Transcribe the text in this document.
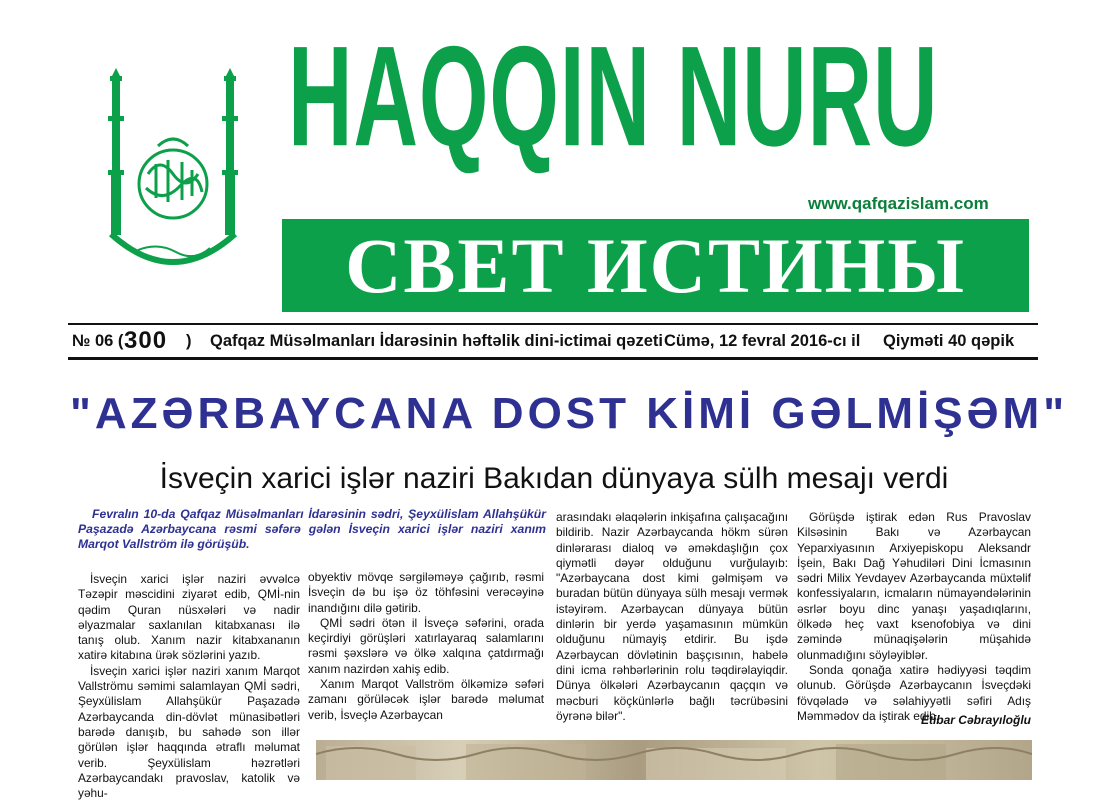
HAQQIN NURU
www.qafqazislam.com
СВЕТ ИСТИНЫ
№ 06 ( 300 ) Qafqaz Müsəlmanları İdarəsinin həftəlik dini-ictimai qəzeti Cümə, 12 fevral 2016-cı il Qiyməti 40 qəpik
"AZƏRBAYCANA DOST KİMİ GƏLMİŞƏM"
İsveçin xarici işlər naziri Bakıdan dünyaya sülh mesajı verdi
Fevralın 10-da Qafqaz Müsəlmanları İdarəsinin sədri, Şeyxülislam Allahşükür Paşazadə Azərbaycana rəsmi səfərə gələn İsveçin xarici işlər naziri xanım Marqot Vallström ilə görüşüb.

İsveçin xarici işlər naziri əvvəlcə Təzəpir məscidini ziyarət edib, QMİ-nin qədim Quran nüsxələri və nadir əlyazmalar saxlanılan kitabxanası ilə tanış olub. Xanım nazir kitabxananın xatirə kitabına ürək sözlərini yazıb.

İsveçin xarici işlər naziri xanım Marqot Vallströmu səmimi salamlayan QMİ sədri, Şeyxülislam Allahşükür Paşazadə Azərbaycanda din-dövlət münasibətləri barədə danışıb, bu sahədə son illər görülən işlər haqqında ətraflı məlumat verib. Şeyxülislam həzrətləri Azərbaycandakı pravoslav, katolik və yəhu-

obyektiv mövqe sərgiləməyə çağırıb, rəsmi İsveçin də bu işə öz töhfəsini verəcəyinə inandığını dilə gətirib.

QMİ sədri ötən il İsveçə səfərini, orada keçirdiyi görüşləri xatırlayaraq salamlarını rəsmi şəxslərə və ölkə xalqına çatdırmağı xanım nazirdən xahiş edib.

Xanım Marqot Vallström ölkəmizə səfəri zamanı görüləcək işlər barədə məlumat verib, İsveçlə Azərbaycan

arasındakı əlaqələrin inkişafına çalışacağını bildirib. Nazir Azərbaycanda hökm sürən dinlərarası dialoq və əməkdaşlığın çox qiymətli dəyər olduğunu vurğulayıb: "Azərbaycana dost kimi gəlmişəm və buradan bütün dünyaya sülh mesajı vermək istəyirəm. Azərbaycan dünyaya bütün dinlərin bir yerdə yaşamasının mümkün olduğunu nümayiş etdirir. Bu işdə Azərbaycan dövlətinin başçısının, habelə dini icma rəhbərlərinin rolu təqdirəlayiqdir. Dünya ölkələri Azərbaycanın qaçqın və məcburi köçkünlərlə bağlı təcrübəsini öyrənə bilər".

Görüşdə iştirak edən Rus Pravoslav Kilsəsinin Bakı və Azərbaycan Yeparxiyasının Arxiyepiskopu Aleksandr İşein, Bakı Dağ Yəhudiləri Dini İcmasının sədri Milix Yevdayev Azərbaycanda müxtəlif konfessiyaların, icmaların nümayəndələrinin əsrlər boyu dinc yanaşı yaşadıqlarını, ölkədə heç vaxt ksenofobiya və dini zəmində münaqişələrin müşahidə olunmadığını söyləyiblər.

Sonda qonağa xatirə hədiyyəsi təqdim olunub. Görüşdə Azərbaycanın İsveçdəki fövqəladə və səlahiyyətli səfiri Adış Məmmədov da iştirak edib.

Etibar Cəbrayıloğlu
